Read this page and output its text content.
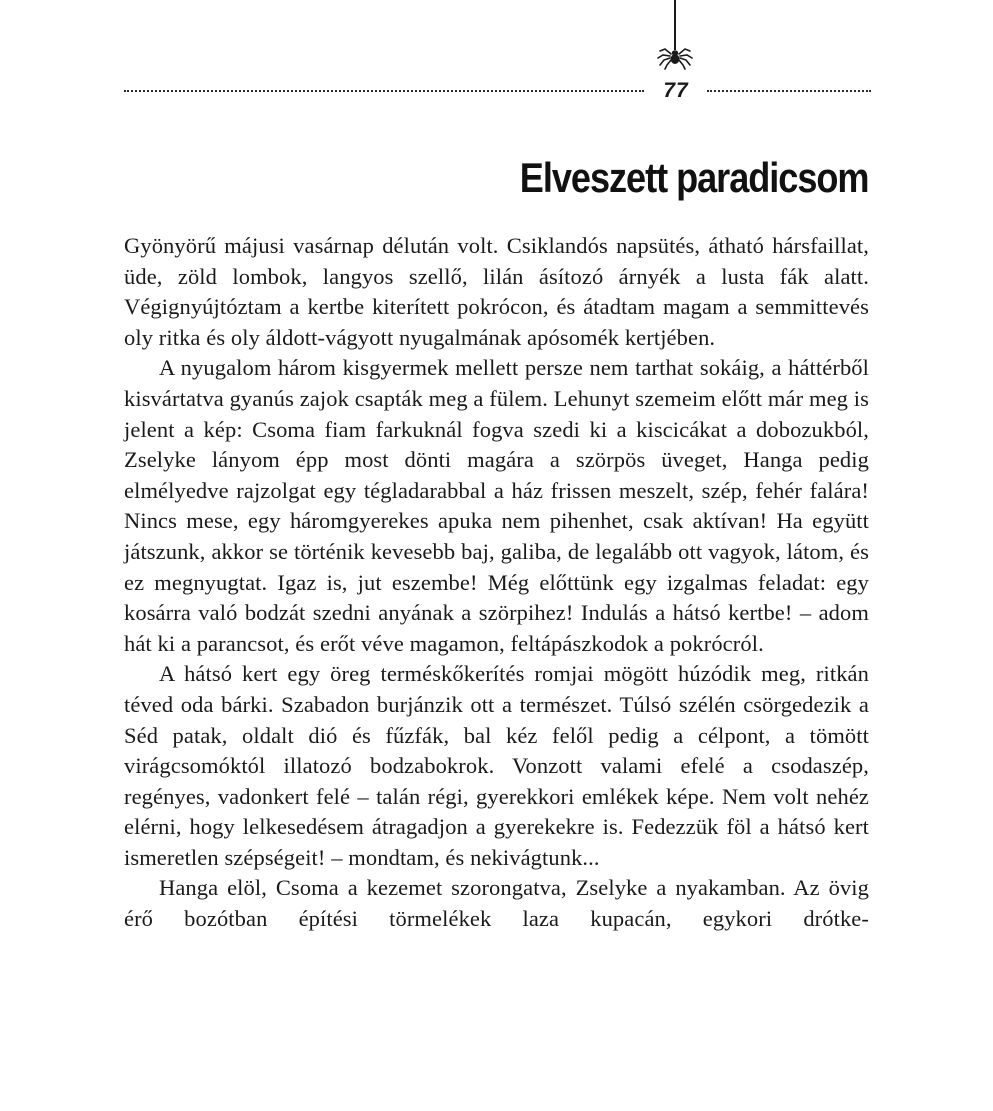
77
Elveszett paradicsom

Gyönyörű májusi vasárnap délután volt. Csiklandós napsütés, átható hársfaillat, üde, zöld lombok, langyos szellő, lilán ásítozó árnyék a lusta fák alatt. Végignyújtóztam a kertbe kiterített pokrócon, és átadtam magam a semmittevés oly ritka és oly áldott-vágyott nyugalmának apósomék kertjében.

A nyugalom három kisgyermek mellett persze nem tarthat sokáig, a háttérből kisvártatva gyanús zajok csapták meg a fülem. Lehunyt szemeim előtt már meg is jelent a kép: Csoma fiam farkuknál fogva szedi ki a kiscicákat a dobozukból, Zselyke lányom épp most dönti magára a szörpös üveget, Hanga pedig elmélyedve rajzolgat egy tégladarabbal a ház frissen meszelt, szép, fehér falára! Nincs mese, egy háromgyerekes apuka nem pihenhet, csak aktívan! Ha együtt játszunk, akkor se történik kevesebb baj, galiba, de legalább ott vagyok, látom, és ez megnyugtat. Igaz is, jut eszembe! Még előttünk egy izgalmas feladat: egy kosárra való bodzát szedni anyának a szörpihez! Indulás a hátsó kertbe! – adom hát ki a parancsot, és erőt véve magamon, feltápászkodok a pokrócról.

A hátsó kert egy öreg terméskőkerítés romjai mögött húzódik meg, ritkán téved oda bárki. Szabadon burjánzik ott a természet. Túlsó szélén csörgedezik a Séd patak, oldalt dió és fűzfák, bal kéz felől pedig a célpont, a tömött virágcsomóktól illatozó bodzabokrok. Vonzott valami efelé a csodaszép, regényes, vadonkert felé – talán régi, gyerekkori emlékek képe. Nem volt nehéz elérni, hogy lelkesedésem átragadjon a gyerekekre is. Fedezzük föl a hátsó kert ismeretlen szépségeit! – mondtam, és nekivágtunk...

Hanga elöl, Csoma a kezemet szorongatva, Zselyke a nyakamban. Az övig érő bozótban építési törmelékek laza kupacán, egykori drótke-
